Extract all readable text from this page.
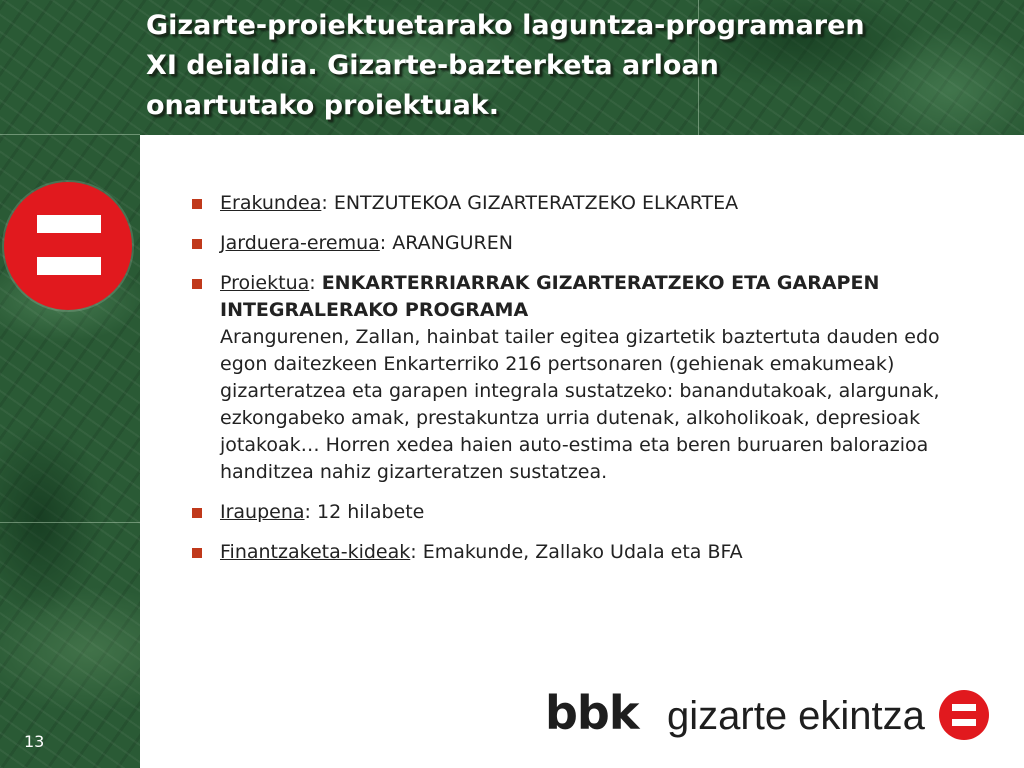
Gizarte-proiektuetarako laguntza-programaren
XI deialdia. Gizarte-bazterketa arloan
onartutako proiektuak.
Erakundea: ENTZUTEKOA GIZARTERATZEKO ELKARTEA
Jarduera-eremua: ARANGUREN
Proiektua: ENKARTERRIARRAK GIZARTERATZEKO ETA GARAPEN INTEGRALERAKO PROGRAMA
Arangurenen, Zallan, hainbat tailer egitea gizartetik baztertuta dauden edo egon daitezkeen Enkarterriko 216 pertsonaren (gehienak emakumeak) gizarteratzea eta garapen integrala sustatzeko: banandutakoak, alargunak, ezkongabeko amak, prestakuntza urria dutenak, alkoholikoak, depresioak jotakoak… Horren xedea haien auto-estima eta beren buruaren balorazioa handitzea nahiz gizarteratzen sustatzea.
Iraupena: 12 hilabete
Finantzaketa-kideak: Emakunde, Zallako Udala eta BFA
bbk gizarte ekintza
13
